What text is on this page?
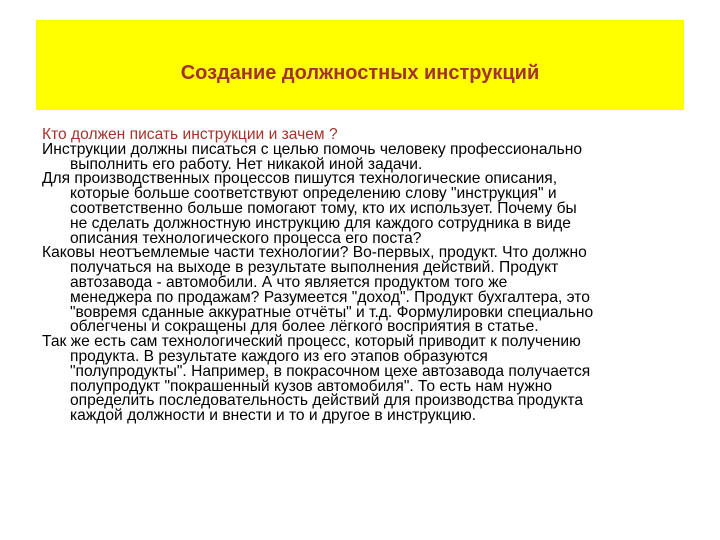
Создание должностных инструкций
Кто должен писать инструкции и зачем ?
Инструкции должны писаться с целью помочь человеку профессионально
выполнить его работу. Нет никакой иной задачи.
Для производственных процессов пишутся технологические описания,
которые больше соответствуют определению слову "инструкция" и
соответственно больше помогают тому, кто их использует. Почему бы
не сделать должностную инструкцию для каждого сотрудника в виде
описания технологического процесса его поста?
Каковы неотъемлемые части технологии? Во-первых, продукт. Что должно
получаться на выходе в результате выполнения действий. Продукт
автозавода - автомобили. А что является продуктом того же
менеджера по продажам? Разумеется "доход". Продукт бухгалтера, это
"вовремя сданные аккуратные отчёты" и т.д. Формулировки специально
облегчены и сокращены для более лёгкого восприятия в статье.
Так же есть сам технологический процесс, который приводит к получению
продукта. В результате каждого из его этапов образуются
"полупродукты". Например, в покрасочном цехе автозавода получается
полупродукт "покрашенный кузов автомобиля". То есть нам нужно
определить последовательность действий для производства продукта
каждой должности и внести и то и другое в инструкцию.
